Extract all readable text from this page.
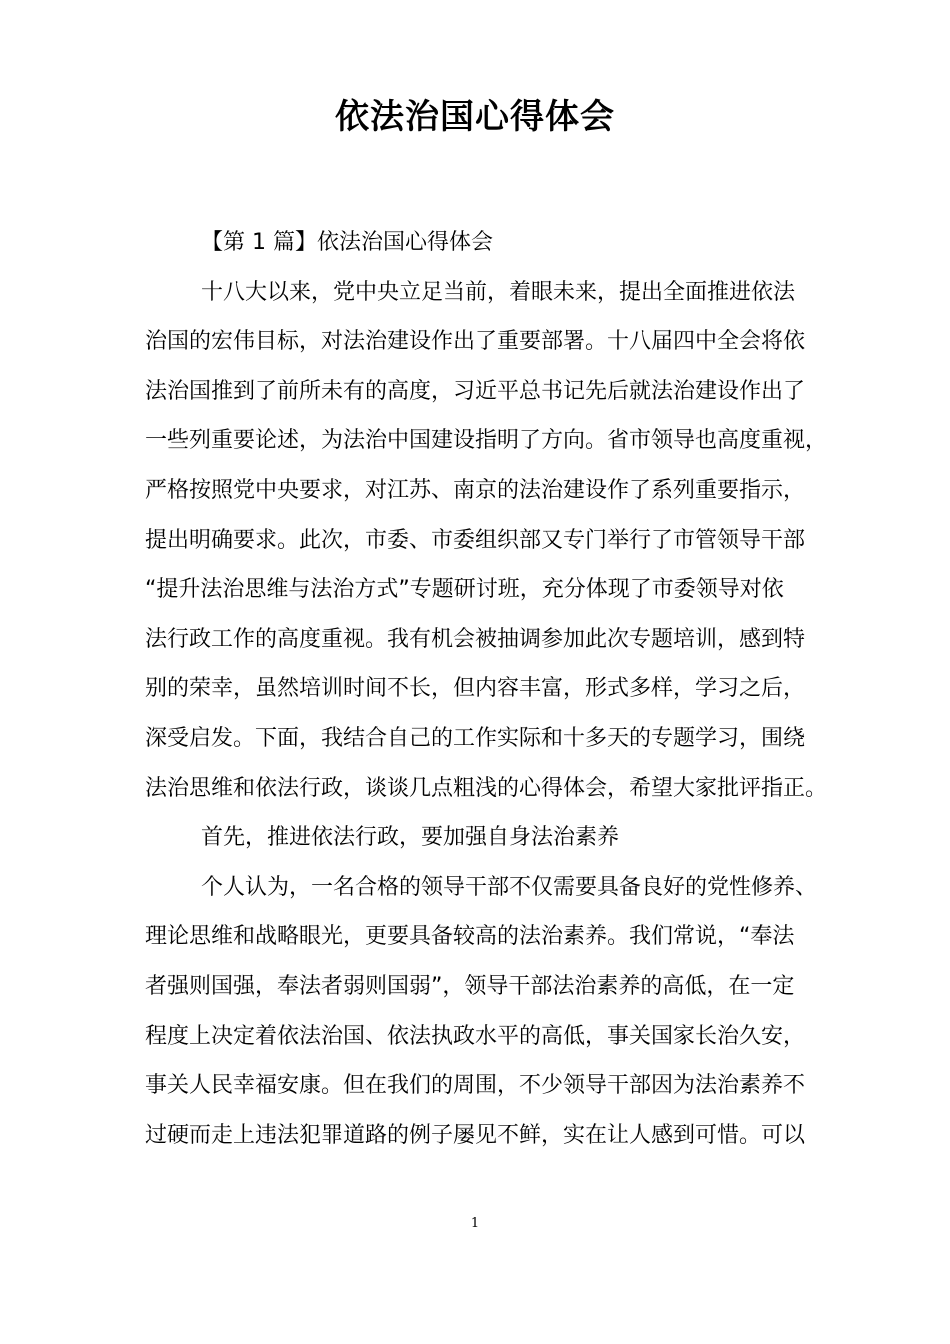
依法治国心得体会
【第 1 篇】依法治国心得体会
十八大以来，党中央立足当前，着眼未来，提出全面推进依法
治国的宏伟目标，对法治建设作出了重要部署。十八届四中全会将依
法治国推到了前所未有的高度，习近平总书记先后就法治建设作出了
一些列重要论述，为法治中国建设指明了方向。省市领导也高度重视，
严格按照党中央要求，对江苏、南京的法治建设作了系列重要指示，
提出明确要求。此次，市委、市委组织部又专门举行了市管领导干部
“提升法治思维与法治方式”专题研讨班，充分体现了市委领导对依
法行政工作的高度重视。我有机会被抽调参加此次专题培训，感到特
别的荣幸，虽然培训时间不长，但内容丰富，形式多样，学习之后，
深受启发。下面，我结合自己的工作实际和十多天的专题学习，围绕
法治思维和依法行政，谈谈几点粗浅的心得体会，希望大家批评指正。
首先，推进依法行政，要加强自身法治素养
个人认为，一名合格的领导干部不仅需要具备良好的党性修养、
理论思维和战略眼光，更要具备较高的法治素养。我们常说，“奉法
者强则国强，奉法者弱则国弱”，领导干部法治素养的高低，在一定
程度上决定着依法治国、依法执政水平的高低，事关国家长治久安，
事关人民幸福安康。但在我们的周围，不少领导干部因为法治素养不
过硬而走上违法犯罪道路的例子屡见不鲜，实在让人感到可惜。可以
1
